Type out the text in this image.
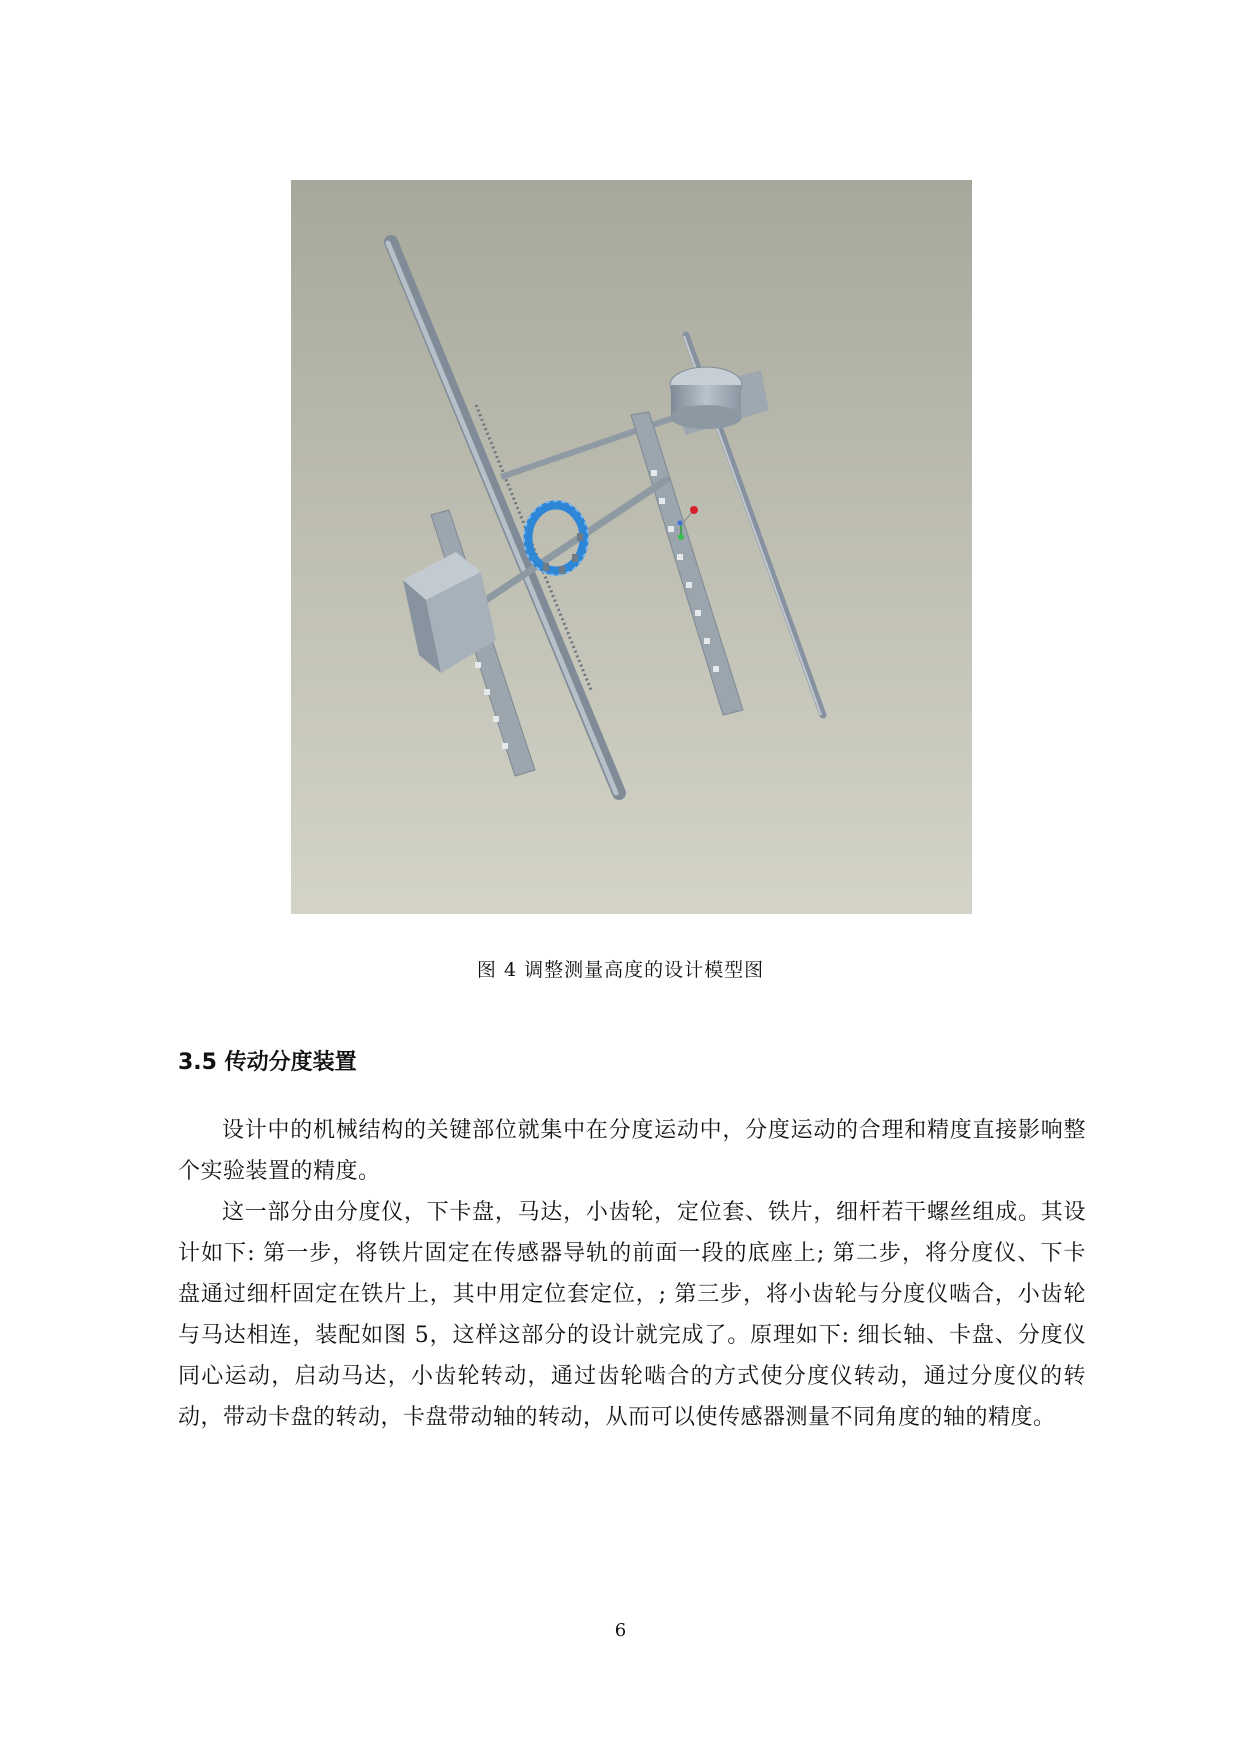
图 4 调整测量高度的设计模型图
3.5 传动分度装置

设计中的机械结构的关键部位就集中在分度运动中，分度运动的合理和精度直接影响整个实验装置的精度。

这一部分由分度仪，下卡盘，马达，小齿轮，定位套、铁片，细杆若干螺丝组成。其设计如下: 第一步，将铁片固定在传感器导轨的前面一段的底座上; 第二步，将分度仪、下卡盘通过细杆固定在铁片上，其中用定位套定位，; 第三步，将小齿轮与分度仪啮合，小齿轮与马达相连，装配如图 5，这样这部分的设计就完成了。原理如下: 细长轴、卡盘、分度仪同心运动，启动马达，小齿轮转动，通过齿轮啮合的方式使分度仪转动，通过分度仪的转动，带动卡盘的转动，卡盘带动轴的转动，从而可以使传感器测量不同角度的轴的精度。

6
